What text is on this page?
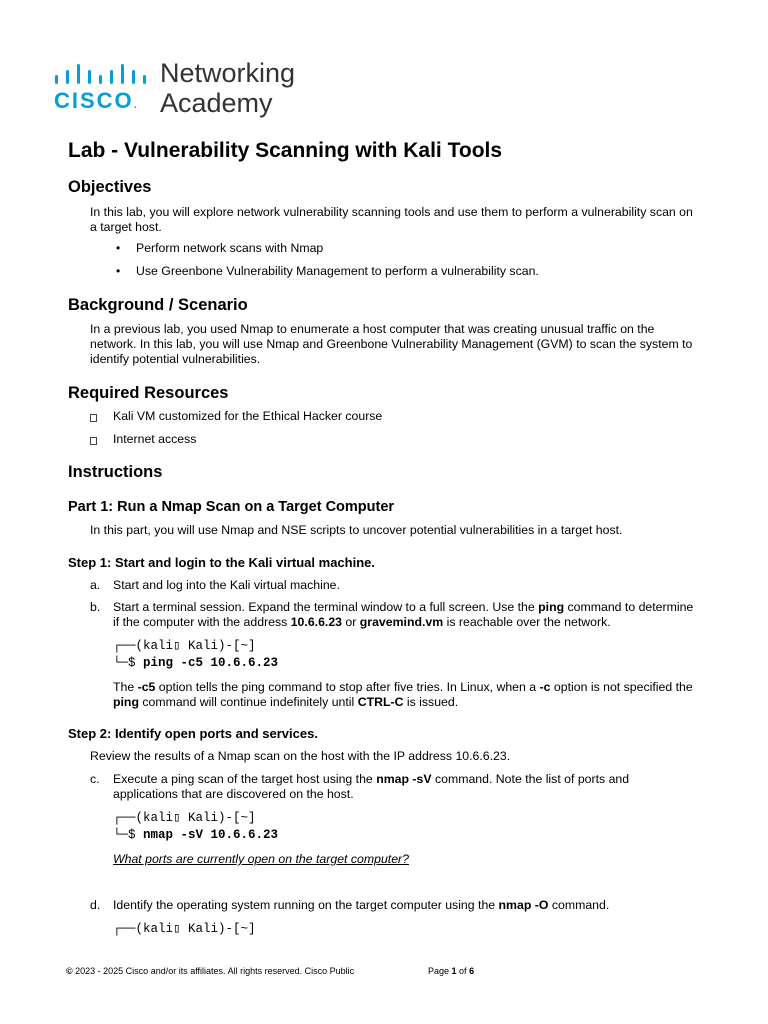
CISCO.
Networking
Academy
Lab - Vulnerability Scanning with Kali Tools
Objectives
In this lab, you will explore network vulnerability scanning tools and use them to perform a vulnerability scan on a target host.
• Perform network scans with Nmap
• Use Greenbone Vulnerability Management to perform a vulnerability scan.
Background / Scenario
In a previous lab, you used Nmap to enumerate a host computer that was creating unusual traffic on the network. In this lab, you will use Nmap and Greenbone Vulnerability Management (GVM) to scan the system to identify potential vulnerabilities.
Required Resources
Kali VM customized for the Ethical Hacker course
Internet access
Instructions
Part 1: Run a Nmap Scan on a Target Computer
In this part, you will use Nmap and NSE scripts to uncover potential vulnerabilities in a target host.
Step 1: Start and login to the Kali virtual machine.
a. Start and log into the Kali virtual machine.
b. Start a terminal session. Expand the terminal window to a full screen. Use the ping command to determine if the computer with the address 10.6.6.23 or gravemind.vm is reachable over the network.
┌──(kali▯ Kali)-[~]
└─$ ping -c5 10.6.6.23
The -c5 option tells the ping command to stop after five tries. In Linux, when a -c option is not specified the ping command will continue indefinitely until CTRL-C is issued.
Step 2: Identify open ports and services.
Review the results of a Nmap scan on the host with the IP address 10.6.6.23.
c. Execute a ping scan of the target host using the nmap -sV command. Note the list of ports and applications that are discovered on the host.
┌──(kali▯ Kali)-[~]
└─$ nmap -sV 10.6.6.23
What ports are currently open on the target computer?
d. Identify the operating system running on the target computer using the nmap -O command.
┌──(kali▯ Kali)-[~]
© 2023 - 2025 Cisco and/or its affiliates. All rights reserved. Cisco Public	Page 1 of 6
